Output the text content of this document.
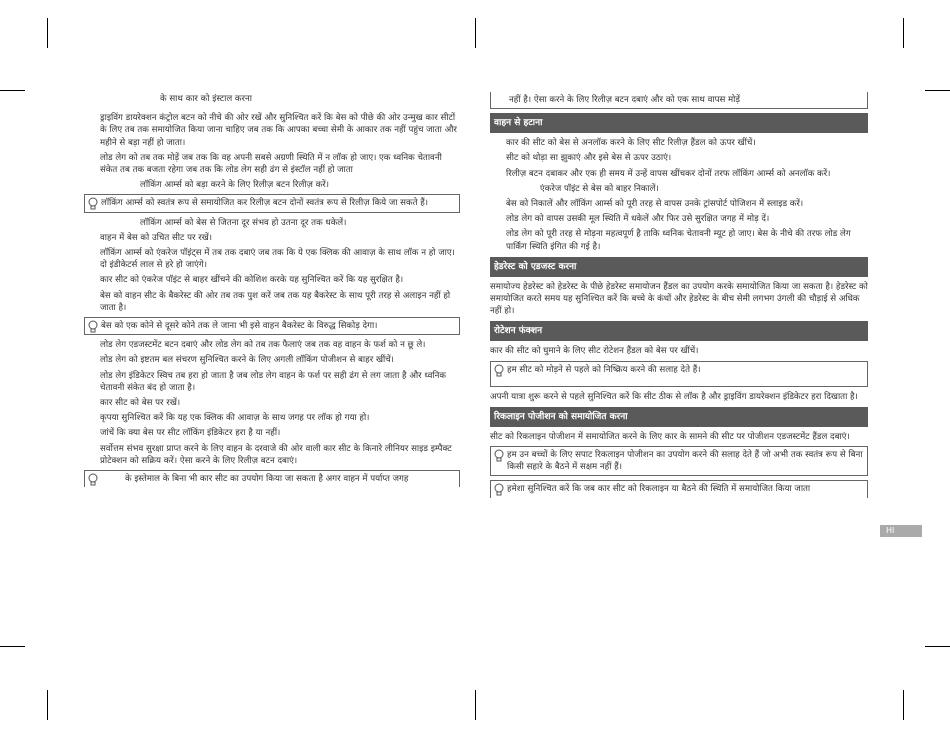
के साथ कार को इंस्टाल करना

ड्राइविंग डायरेक्शन कंट्रोल बटन को नीचे की ओर रखें और सुनिश्चित करें कि बेस को पीछे की ओर उन्मुख कार सीटों के लिए तब तक समायोजित किया जाना चाहिए जब तक कि आपका बच्चा सेमी के आकार तक नहीं पहुंच जाता और महीने से बड़ा नहीं हो जाता।

लोड लेग को तब तक मोड़ें जब तक कि वह अपनी सबसे अग्रणी स्थिति में न लॉक हो जाए। एक ध्वनिक चेतावनी संकेत तब तक बजता रहेगा जब तक कि लोड लेग सही ढंग से इंस्टॉल नहीं हो जाता

लॉकिंग आर्म्स को बड़ा करने के लिए रिलीज़ बटन रिलीज़ करें।

लॉकिंग आर्म्स को स्वतंत्र रूप से समायोजित कर रिलीज़ बटन दोनों स्वतंत्र रूप से रिलीज़ किये जा सकते हैं।

लॉकिंग आर्म्स को बेस से जितना दूर संभव हो उतना दूर तक धकेलें।

वाहन में बेस को उचित सीट पर रखें।

लॉकिंग आर्म्स को एंकरेज पॉइंट्स में तब तक दबाएं जब तक कि ये एक क्लिक की आवाज़ के साथ लॉक न हो जाए। दो इंडीकेटर्स लाल से हरे हो जाएंगे।

कार सीट को एंकरेज पॉइंट से बाहर खींचने की कोशिश करके यह सुनिश्चित करें कि यह सुरक्षित है।

बेस को वाहन सीट के बैकरेस्ट की ओर तब तक पुश करें जब तक यह बैकरेस्ट के साथ पूरी तरह से अलाइन नहीं हो जाता है।

बेस को एक कोने से दूसरे कोने तक ले जाना भी इसे वाहन बैकरेस्ट के विरुद्ध सिकोड़ देगा।

लोड लेग एडजस्टमेंट बटन दबाएं और लोड लेग को तब तक फैलाएं जब तक वह वाहन के फर्श को न छू ले।

लोड लेग को इष्टतम बल संचरण सुनिश्चित करने के लिए अगली लॉकिंग पोजीशन से बाहर खींचें।

लोड लेग इंडिकेटर स्विच तब हरा हो जाता है जब लोड लेग वाहन के फर्श पर सही ढंग से लग जाता है और ध्वनिक चेतावनी संकेत बंद हो जाता है।

कार सीट को बेस पर रखें।

कृपया सुनिश्चित करें कि यह एक क्लिक की आवाज़ के साथ जगह पर लॉक हो गया हो।

जांचें कि क्या बेस पर सीट लॉकिंग इंडिकेटर हरा है या नहीं।

सर्वोत्तम संभव सुरक्षा प्राप्त करने के लिए वाहन के दरवाजे की ओर वाली कार सीट के किनारे लीनियर साइड इम्पैक्ट प्रोटेक्शन को सक्रिय करें। ऐसा करने के लिए रिलीज़ बटन दबाएं।

के इस्तेमाल के बिना भी कार सीट का उपयोग किया जा सकता है अगर वाहन में पर्याप्त जगह
नहीं है। ऐसा करने के लिए रिलीज़ बटन दबाएं और को एक साथ वापस मोड़ें
वाहन से हटाना

कार की सीट को बेस से अनलॉक करने के लिए सीट रिलीज़ हैंडल को ऊपर खींचें।

सीट को थोड़ा सा झुकाएं और इसे बेस से ऊपर उठाएं।

रिलीज़ बटन दबाकर और एक ही समय में उन्हें वापस खींचकर दोनों तरफ लॉकिंग आर्म्स को अनलॉक करें।

एंकरेज पॉइंट से बेस को बाहर निकालें।

बेस को निकालें और लॉकिंग आर्म्स को पूरी तरह से वापस उनके ट्रांसपोर्ट पोजिशन में स्लाइड करें।

लोड लेग को वापस उसकी मूल स्थिति में धकेलें और फिर उसे सुरक्षित जगह में मोड़ दें।

लोड लेग को पूरी तरह से मोड़ना महत्वपूर्ण है ताकि ध्वनिक चेतावनी म्यूट हो जाए। बेस के नीचे की तरफ लोड लेग पार्किंग स्थिति इंगित की गई है।

हेडरेस्ट को एडजस्ट करना

समायोज्य हेडरेस्ट को हेडरेस्ट के पीछे हेडरेस्ट समायोजन हैंडल का उपयोग करके समायोजित किया जा सकता है। हेडरेस्ट को समायोजित करते समय यह सुनिश्चित करें कि बच्चे के कंधों और हेडरेस्ट के बीच सेमी लगभग उंगली की चौड़ाई से अधिक नहीं हो।

रोटेशन फंक्शन

कार की सीट को घुमाने के लिए सीट रोटेशन हैंडल को बेस पर खींचें।

हम सीट को मोड़ने से पहले को निष्क्रिय करने की सलाह देते हैं।

अपनी यात्रा शुरू करने से पहले सुनिश्चित करें कि सीट ठीक से लॉक है और ड्राइविंग डायरेक्शन इंडिकेटर हरा दिखाता है।

रिकलाइन पोजीशन को समायोजित करना

सीट को रिकलाइन पोजीशन में समायोजित करने के लिए कार के सामने की सीट पर पोजीशन एडजस्टमेंट हैंडल दबाएं।

हम उन बच्चों के लिए सपाट रिकलाइन पोजीशन का उपयोग करने की सलाह देते हैं जो अभी तक स्वतंत्र रूप से बिना किसी सहारे के बैठने में सक्षम नहीं हैं।
हमेशा सुनिश्चित करें कि जब कार सीट को रिकलाइन या बैठने की स्थिति में समायोजित किया जाता
HI
